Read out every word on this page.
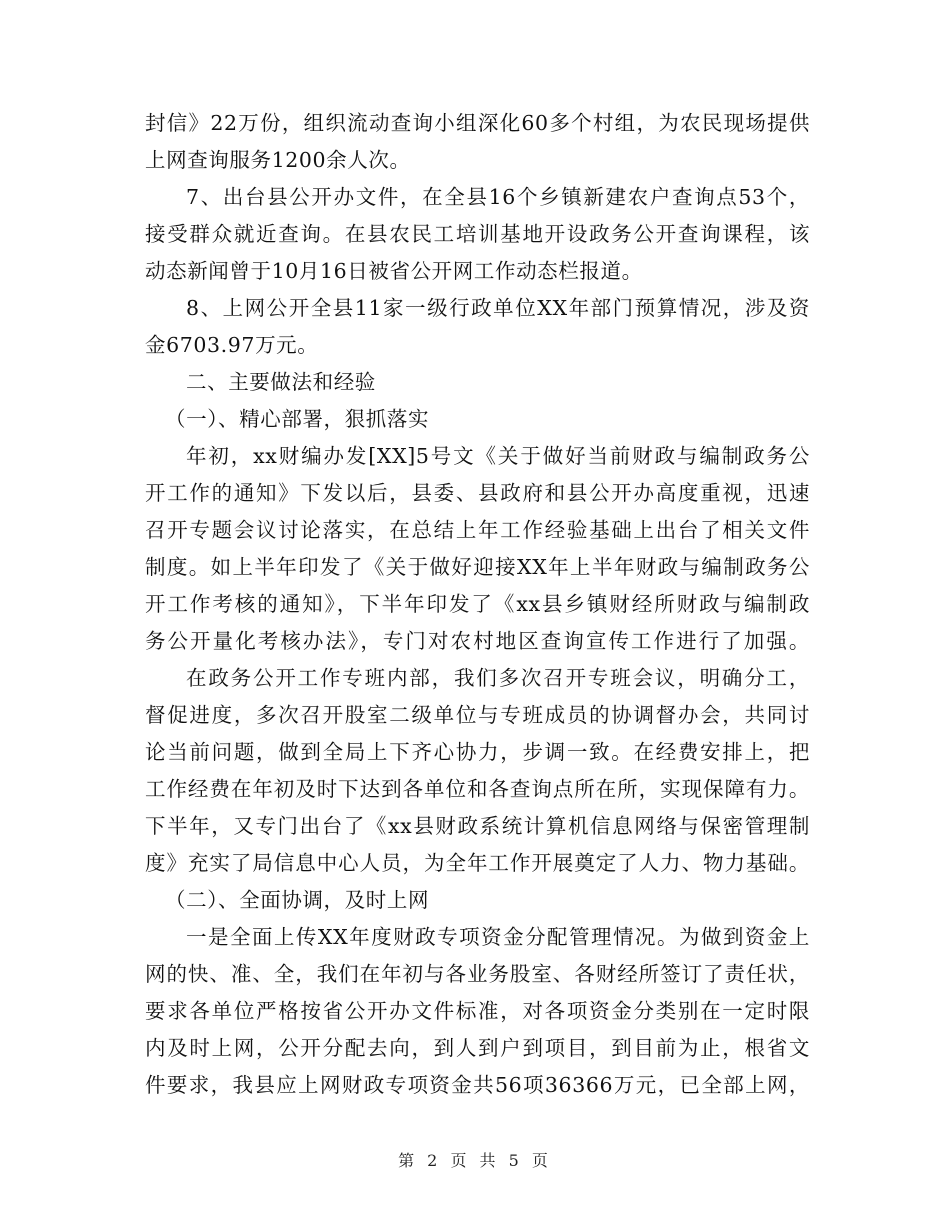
封信》22万份，组织流动查询小组深化60多个村组，为农民现场提供
上网查询服务1200余人次。
7、出台县公开办文件，在全县16个乡镇新建农户查询点53个，
接受群众就近查询。在县农民工培训基地开设政务公开查询课程，该
动态新闻曾于10月16日被省公开网工作动态栏报道。
8、上网公开全县11家一级行政单位XX年部门预算情况，涉及资
金6703.97万元。
二、主要做法和经验
（一）、精心部署，狠抓落实
年初，xx财编办发[XX]5号文《关于做好当前财政与编制政务公
开工作的通知》下发以后，县委、县政府和县公开办高度重视，迅速
召开专题会议讨论落实，在总结上年工作经验基础上出台了相关文件
制度。如上半年印发了《关于做好迎接XX年上半年财政与编制政务公
开工作考核的通知》，下半年印发了《xx县乡镇财经所财政与编制政
务公开量化考核办法》，专门对农村地区查询宣传工作进行了加强。
在政务公开工作专班内部，我们多次召开专班会议，明确分工，
督促进度，多次召开股室二级单位与专班成员的协调督办会，共同讨
论当前问题，做到全局上下齐心协力，步调一致。在经费安排上，把
工作经费在年初及时下达到各单位和各查询点所在所，实现保障有力。
下半年，又专门出台了《xx县财政系统计算机信息网络与保密管理制
度》充实了局信息中心人员，为全年工作开展奠定了人力、物力基础。
（二）、全面协调，及时上网
一是全面上传XX年度财政专项资金分配管理情况。为做到资金上
网的快、准、全，我们在年初与各业务股室、各财经所签订了责任状，
要求各单位严格按省公开办文件标准，对各项资金分类别在一定时限
内及时上网，公开分配去向，到人到户到项目，到目前为止，根省文
件要求，我县应上网财政专项资金共56项36366万元，已全部上网，
第 2 页 共 5 页
